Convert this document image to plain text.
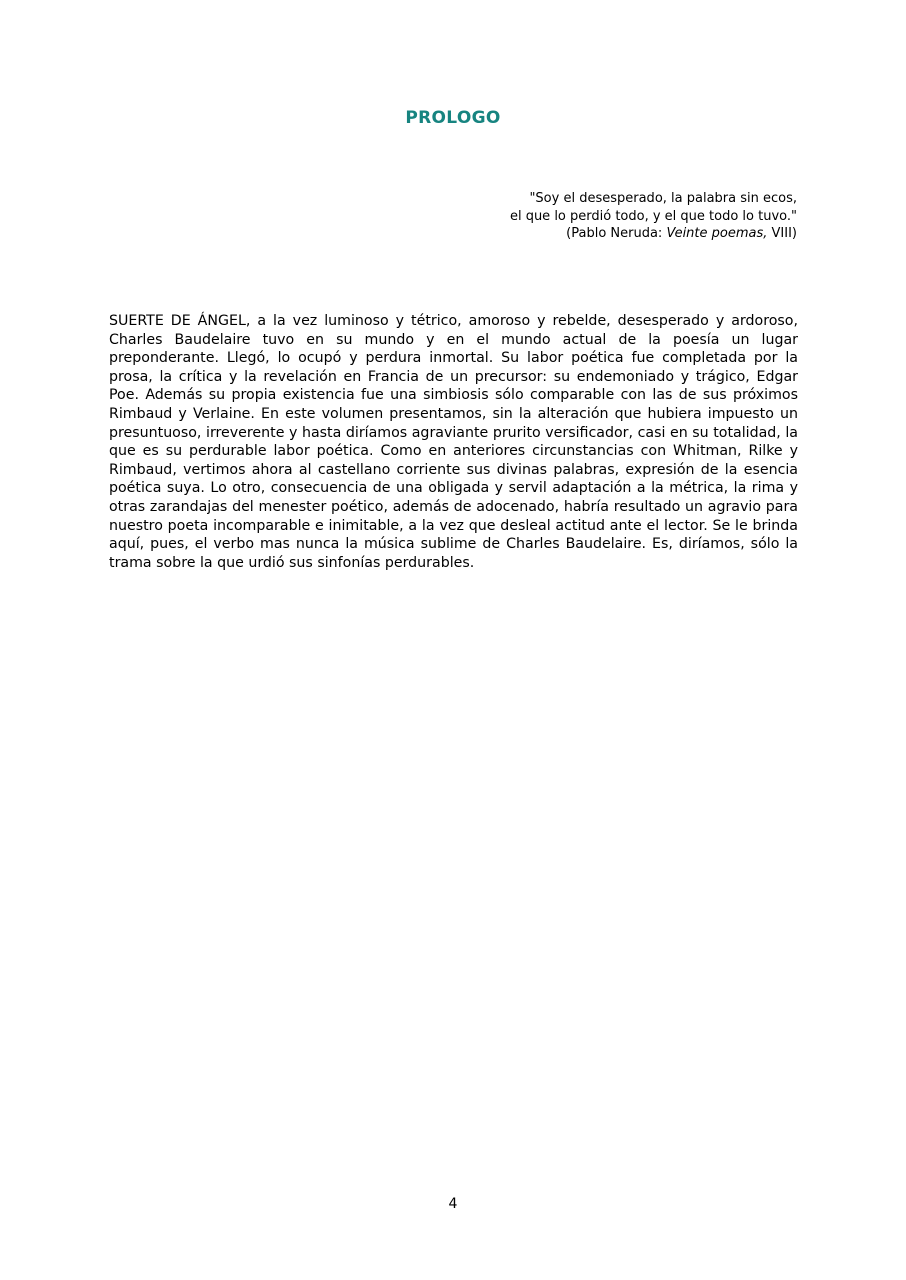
PROLOGO
"Soy el desesperado, la palabra sin ecos,
el que lo perdió todo, y el que todo lo tuvo."
(Pablo Neruda: Veinte poemas, VIII)

SUERTE DE ÁNGEL, a la vez luminoso y tétrico, amoroso y rebelde, desesperado y ardoroso, Charles Baudelaire tuvo en su mundo y en el mundo actual de la poesía un lugar preponderante. Llegó, lo ocupó y perdura inmortal. Su labor poética fue completada por la prosa, la crítica y la revelación en Francia de un precursor: su endemoniado y trágico, Edgar Poe. Además su propia existencia fue una simbiosis sólo comparable con las de sus próximos Rimbaud y Verlaine. En este volumen presentamos, sin la alteración que hubiera impuesto un presuntuoso, irreverente y hasta diríamos agraviante prurito versificador, casi en su totalidad, la que es su perdurable labor poética. Como en anteriores circunstancias con Whitman, Rilke y Rimbaud, vertimos ahora al castellano corriente sus divinas palabras, expresión de la esencia poética suya. Lo otro, consecuencia de una obligada y servil adaptación a la métrica, la rima y otras zarandajas del menester poético, además de adocenado, habría resultado un agravio para nuestro poeta incomparable e inimitable, a la vez que desleal actitud ante el lector. Se le brinda aquí, pues, el verbo mas nunca la música sublime de Charles Baudelaire. Es, diríamos, sólo la trama sobre la que urdió sus sinfonías perdurables.

4
